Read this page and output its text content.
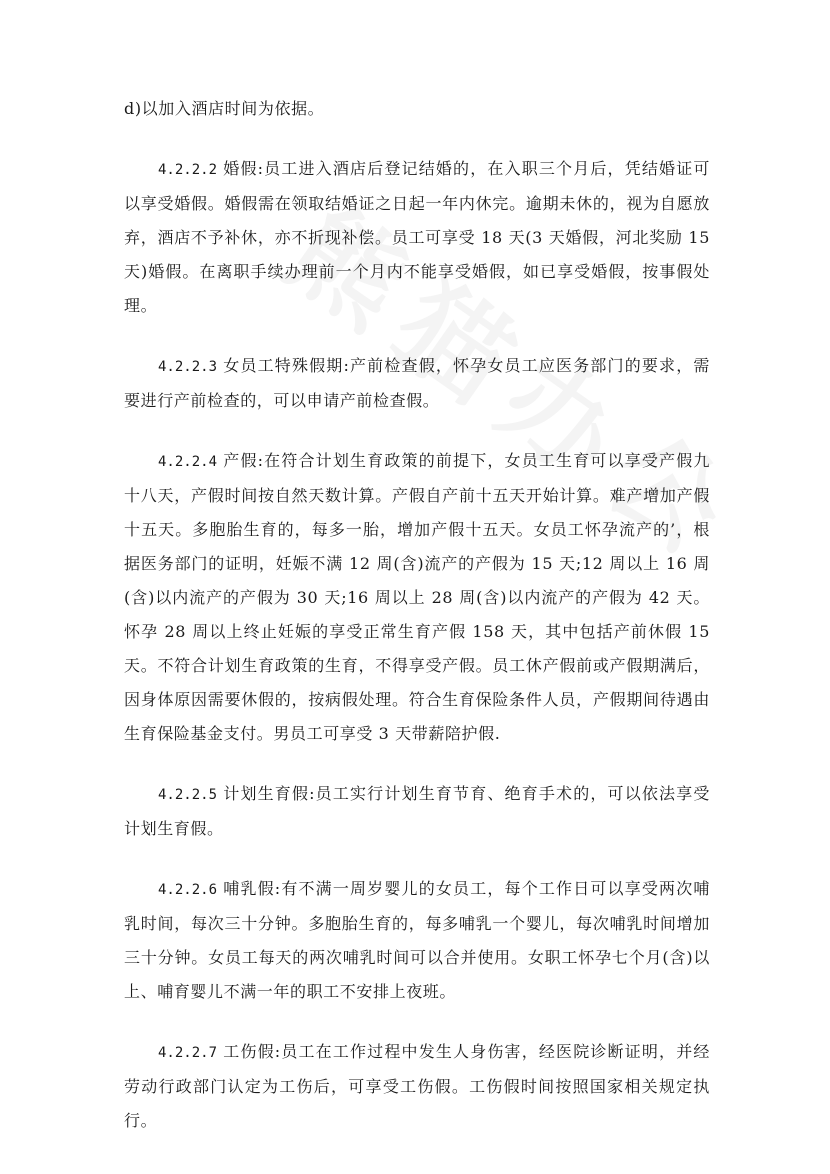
d)以加入酒店时间为依据。

4.2.2.2 婚假:员工进入酒店后登记结婚的，在入职三个月后，凭结婚证可以享受婚假。婚假需在领取结婚证之日起一年内休完。逾期未休的，视为自愿放弃，酒店不予补休，亦不折现补偿。员工可享受 18 天(3 天婚假，河北奖励 15 天)婚假。在离职手续办理前一个月内不能享受婚假，如已享受婚假，按事假处理。

4.2.2.3 女员工特殊假期:产前检查假，怀孕女员工应医务部门的要求，需要进行产前检查的，可以申请产前检查假。

4.2.2.4 产假:在符合计划生育政策的前提下，女员工生育可以享受产假九十八天，产假时间按自然天数计算。产假自产前十五天开始计算。难产增加产假十五天。多胞胎生育的，每多一胎，增加产假十五天。女员工怀孕流产的’，根据医务部门的证明，妊娠不满 12 周(含)流产的产假为 15 天;12 周以上 16 周(含)以内流产的产假为 30 天;16 周以上 28 周(含)以内流产的产假为 42 天。怀孕 28 周以上终止妊娠的享受正常生育产假 158 天，其中包括产前休假 15 天。不符合计划生育政策的生育，不得享受产假。员工休产假前或产假期满后，因身体原因需要休假的，按病假处理。符合生育保险条件人员，产假期间待遇由生育保险基金支付。男员工可享受 3 天带薪陪护假.

4.2.2.5 计划生育假:员工实行计划生育节育、绝育手术的，可以依法享受计划生育假。

4.2.2.6 哺乳假:有不满一周岁婴儿的女员工，每个工作日可以享受两次哺乳时间，每次三十分钟。多胞胎生育的，每多哺乳一个婴儿，每次哺乳时间增加三十分钟。女员工每天的两次哺乳时间可以合并使用。女职工怀孕七个月(含)以上、哺育婴儿不满一年的职工不安排上夜班。

4.2.2.7 工伤假:员工在工作过程中发生人身伤害，经医院诊断证明，并经劳动行政部门认定为工伤后，可享受工伤假。工伤假时间按照国家相关规定执行。
